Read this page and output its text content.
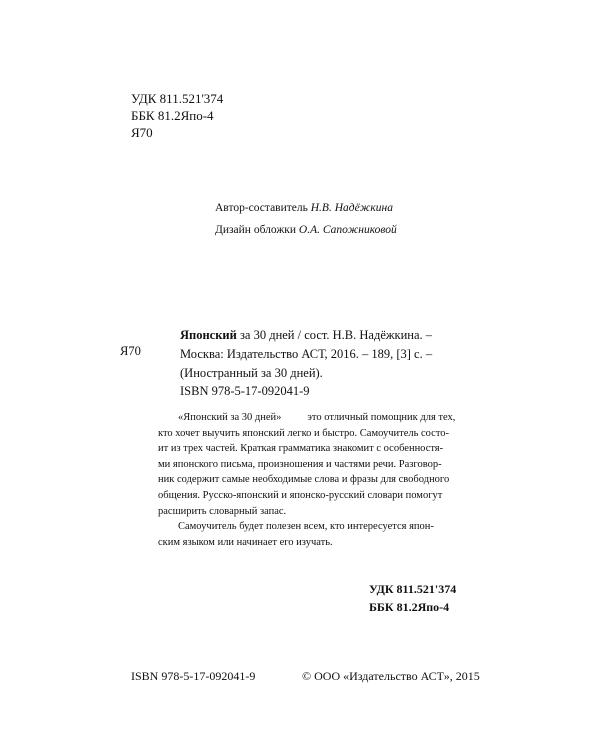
УДК 811.521'374
ББК 81.2Япо-4
Я70
Автор-составитель Н.В. Надёжкина
Дизайн обложки О.А. Сапожниковой
Я70
Японский за 30 дней / сост. Н.В. Надёжкина. –
Москва: Издательство АСТ, 2016. – 189, [3] с. –
(Иностранный за 30 дней).
ISBN 978-5-17-092041-9
«Японский за 30 дней» это отличный помощник для тех,
кто хочет выучить японский легко и быстро. Самоучитель состо-
ит из трех частей. Краткая грамматика знакомит с особенностя-
ми японского письма, произношения и частями речи. Разговор-
ник содержит самые необходимые слова и фразы для свободного
общения. Русско-японский и японско-русский словари помогут
расширить словарный запас.
Самоучитель будет полезен всем, кто интересуется япон-
ским языком или начинает его изучать.
УДК 811.521'374
ББК 81.2Япо-4
ISBN 978-5-17-092041-9	© ООО «Издательство АСТ», 2015
